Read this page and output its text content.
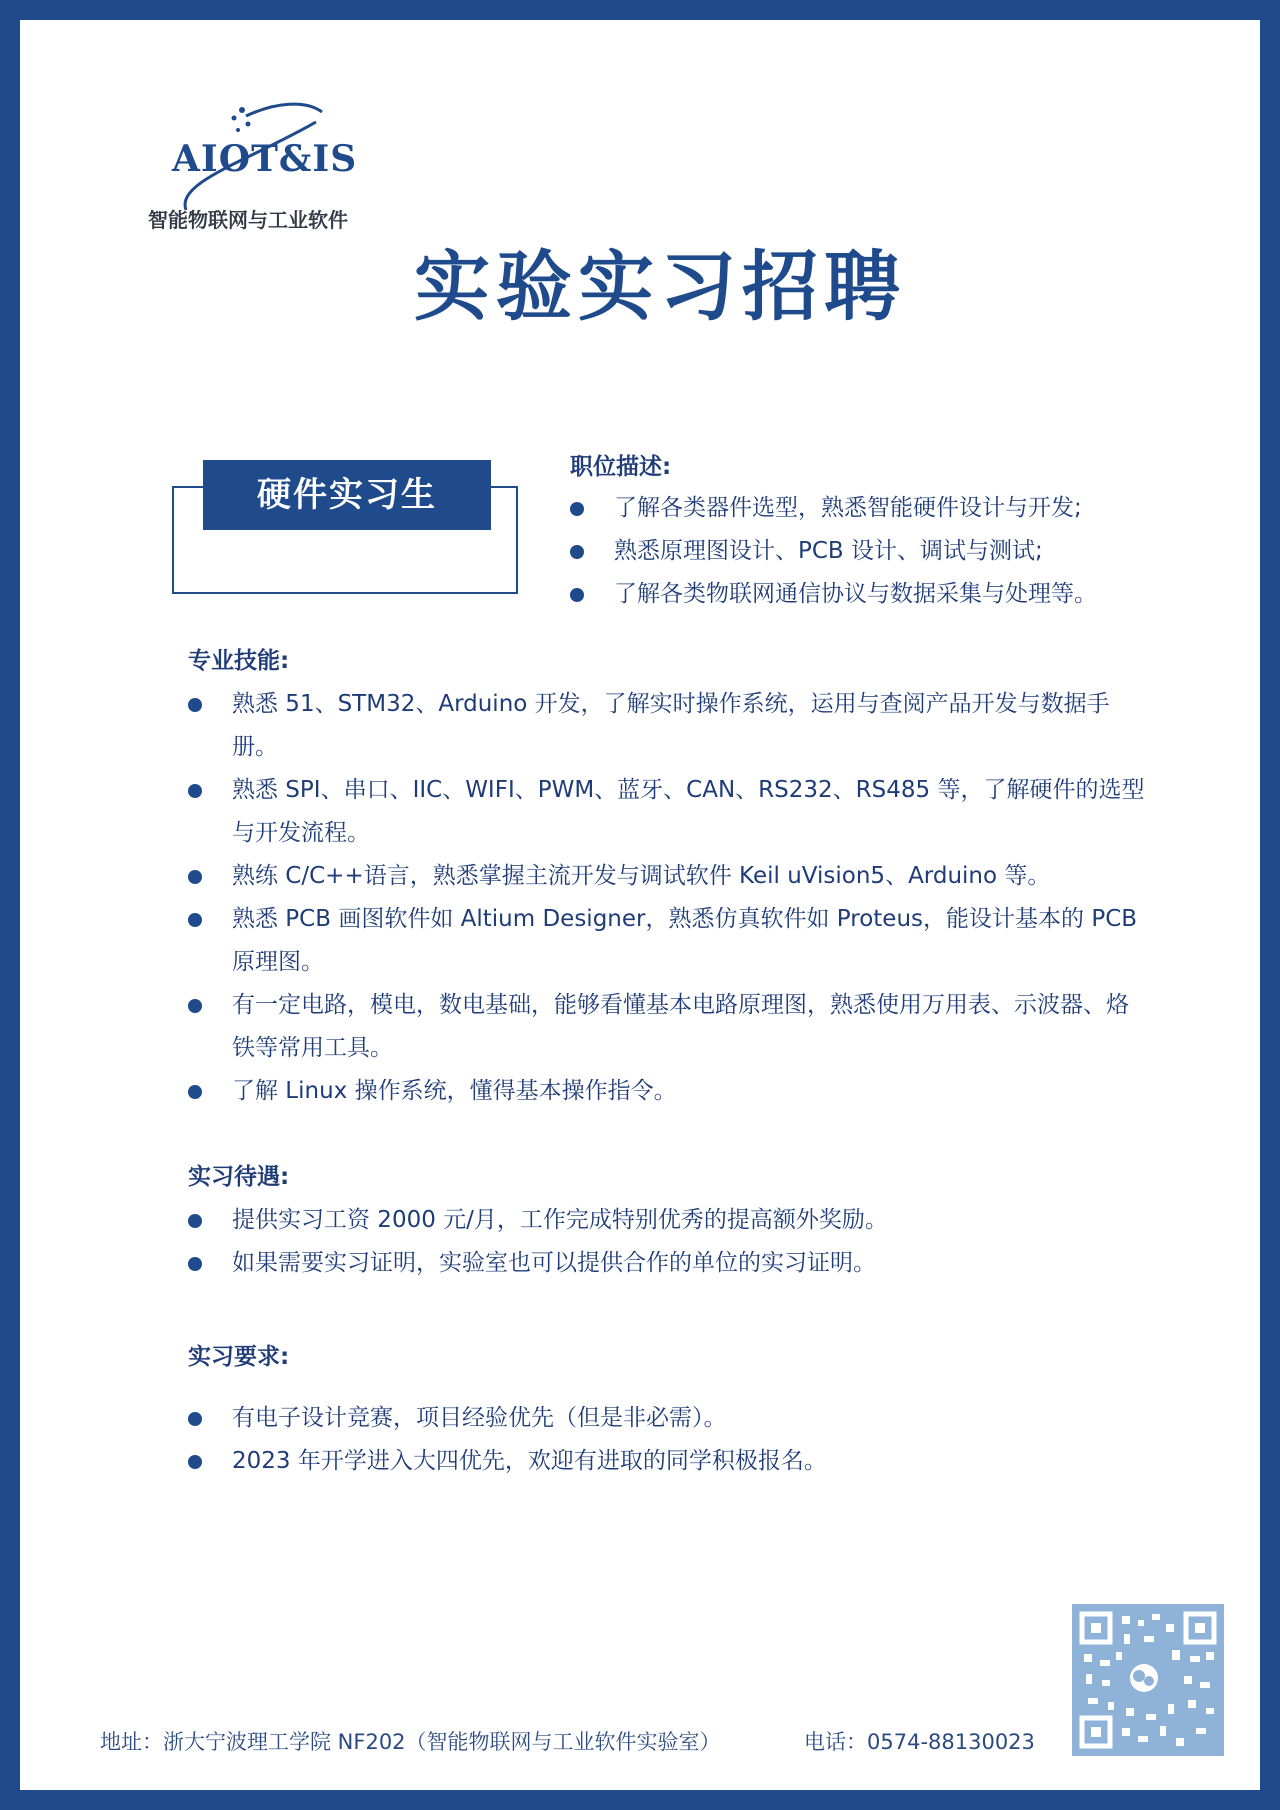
AIOT&IS
智能物联网与工业软件
实验实习招聘
硬件实习生
职位描述:
了解各类器件选型，熟悉智能硬件设计与开发;
熟悉原理图设计、PCB 设计、调试与测试;
了解各类物联网通信协议与数据采集与处理等。
专业技能:
熟悉 51、STM32、Arduino 开发，了解实时操作系统，运用与查阅产品开发与数据手册。
熟悉 SPI、串口、IIC、WIFI、PWM、蓝牙、CAN、RS232、RS485 等，了解硬件的选型与开发流程。
熟练 C/C++语言，熟悉掌握主流开发与调试软件 Keil uVision5、Arduino 等。
熟悉 PCB 画图软件如 Altium Designer，熟悉仿真软件如 Proteus，能设计基本的 PCB 原理图。
有一定电路，模电，数电基础，能够看懂基本电路原理图，熟悉使用万用表、示波器、烙铁等常用工具。
了解 Linux 操作系统，懂得基本操作指令。
实习待遇:
提供实习工资 2000 元/月，工作完成特别优秀的提高额外奖励。
如果需要实习证明，实验室也可以提供合作的单位的实习证明。
实习要求:
有电子设计竞赛，项目经验优先（但是非必需）。
2023 年开学进入大四优先，欢迎有进取的同学积极报名。
地址：浙大宁波理工学院 NF202（智能物联网与工业软件实验室）	电话：0574-88130023
